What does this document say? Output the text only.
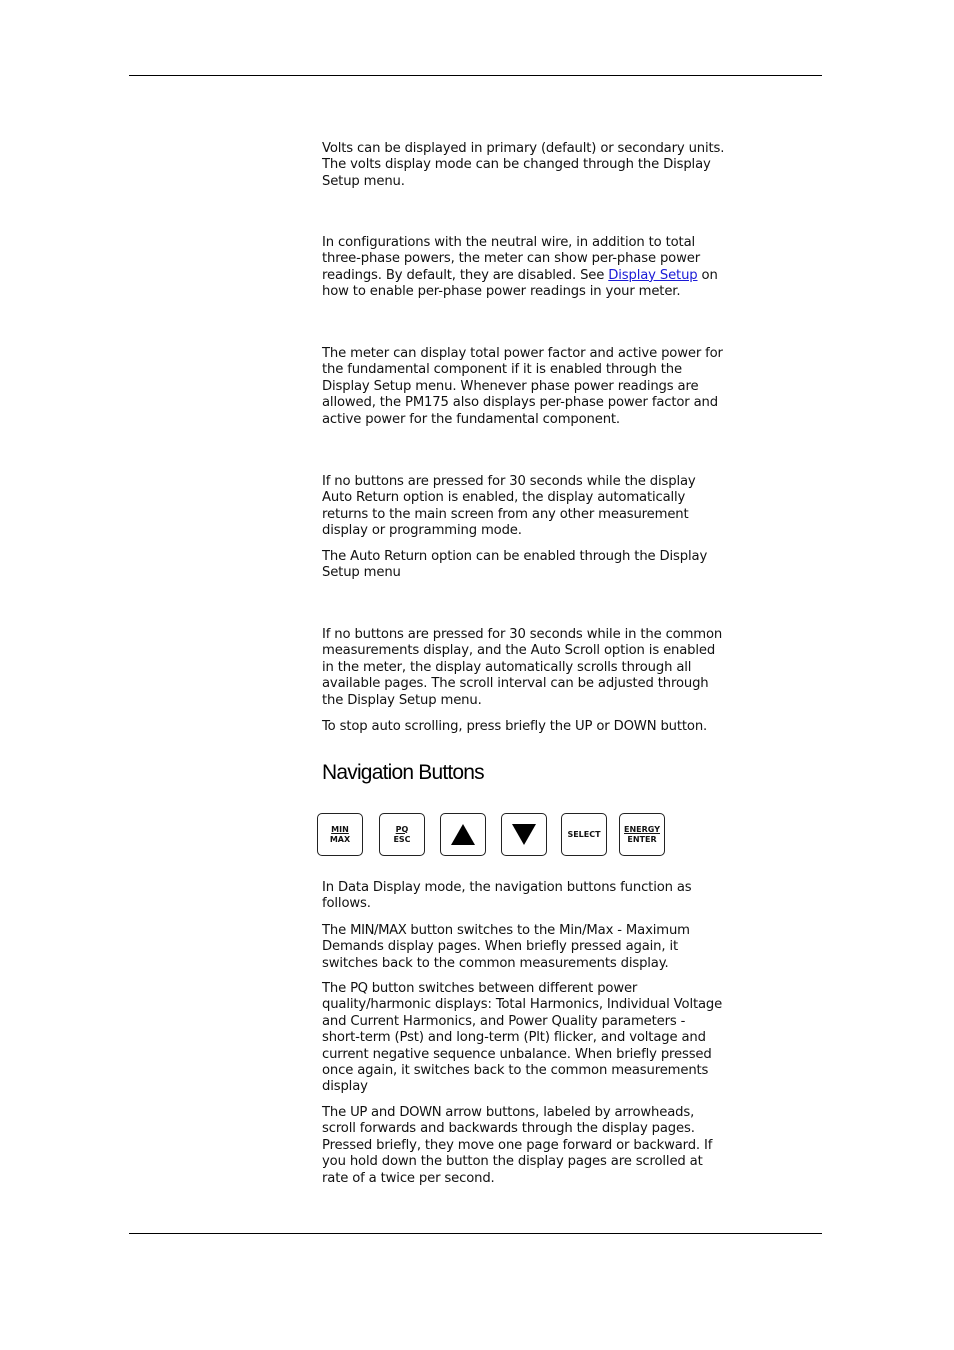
Volts can be displayed in primary (default) or secondary units. The volts display mode can be changed through the Display Setup menu.

In configurations with the neutral wire, in addition to total three-phase powers, the meter can show per-phase power readings. By default, they are disabled. See Display Setup on how to enable per-phase power readings in your meter.

The meter can display total power factor and active power for the fundamental component if it is enabled through the Display Setup menu. Whenever phase power readings are allowed, the PM175 also displays per-phase power factor and active power for the fundamental component.

If no buttons are pressed for 30 seconds while the display Auto Return option is enabled, the display automatically returns to the main screen from any other measurement display or programming mode.

The Auto Return option can be enabled through the Display Setup menu

If no buttons are pressed for 30 seconds while in the common measurements display, and the Auto Scroll option is enabled in the meter, the display automatically scrolls through all available pages. The scroll interval can be adjusted through the Display Setup menu.

To stop auto scrolling, press briefly the UP or DOWN button.

Navigation Buttons
MIN
MAX
PQ
ESC
SELECT
ENERGY
ENTER

In Data Display mode, the navigation buttons function as follows.

The MIN/MAX button switches to the Min/Max - Maximum Demands display pages. When briefly pressed again, it switches back to the common measurements display.

The PQ button switches between different power quality/harmonic displays: Total Harmonics, Individual Voltage and Current Harmonics, and Power Quality parameters - short-term (Pst) and long-term (Plt) flicker, and voltage and current negative sequence unbalance. When briefly pressed once again, it switches back to the common measurements display

The UP and DOWN arrow buttons, labeled by arrowheads, scroll forwards and backwards through the display pages. Pressed briefly, they move one page forward or backward. If you hold down the button the display pages are scrolled at rate of a twice per second.
